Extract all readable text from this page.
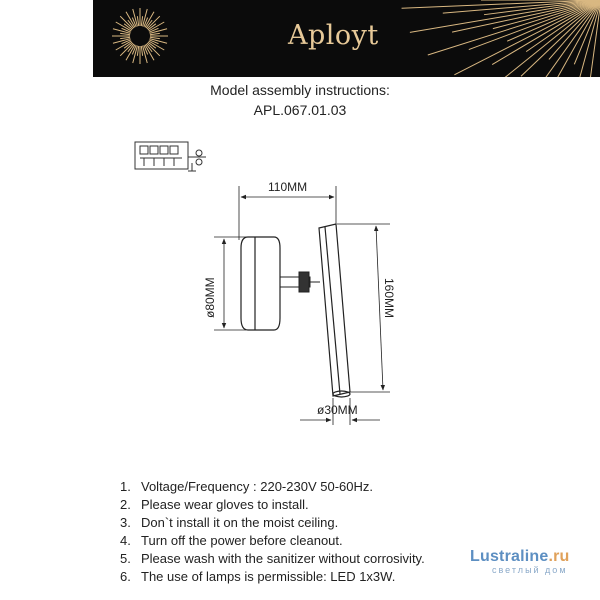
Aployt
Model assembly instructions:
APL.067.01.03
110MM
ø80MM	160MM
ø30MM
1. Voltage/Frequency : 220-230V 50-60Hz.
2. Please wear gloves to install.
3. Don`t install it on the moist ceiling.
4. Turn off the power before cleanout.
5. Please wash with the sanitizer without corrosivity.
6. The use of lamps is permissible: LED 1x3W.
Lustraline.ru
светлый дом
